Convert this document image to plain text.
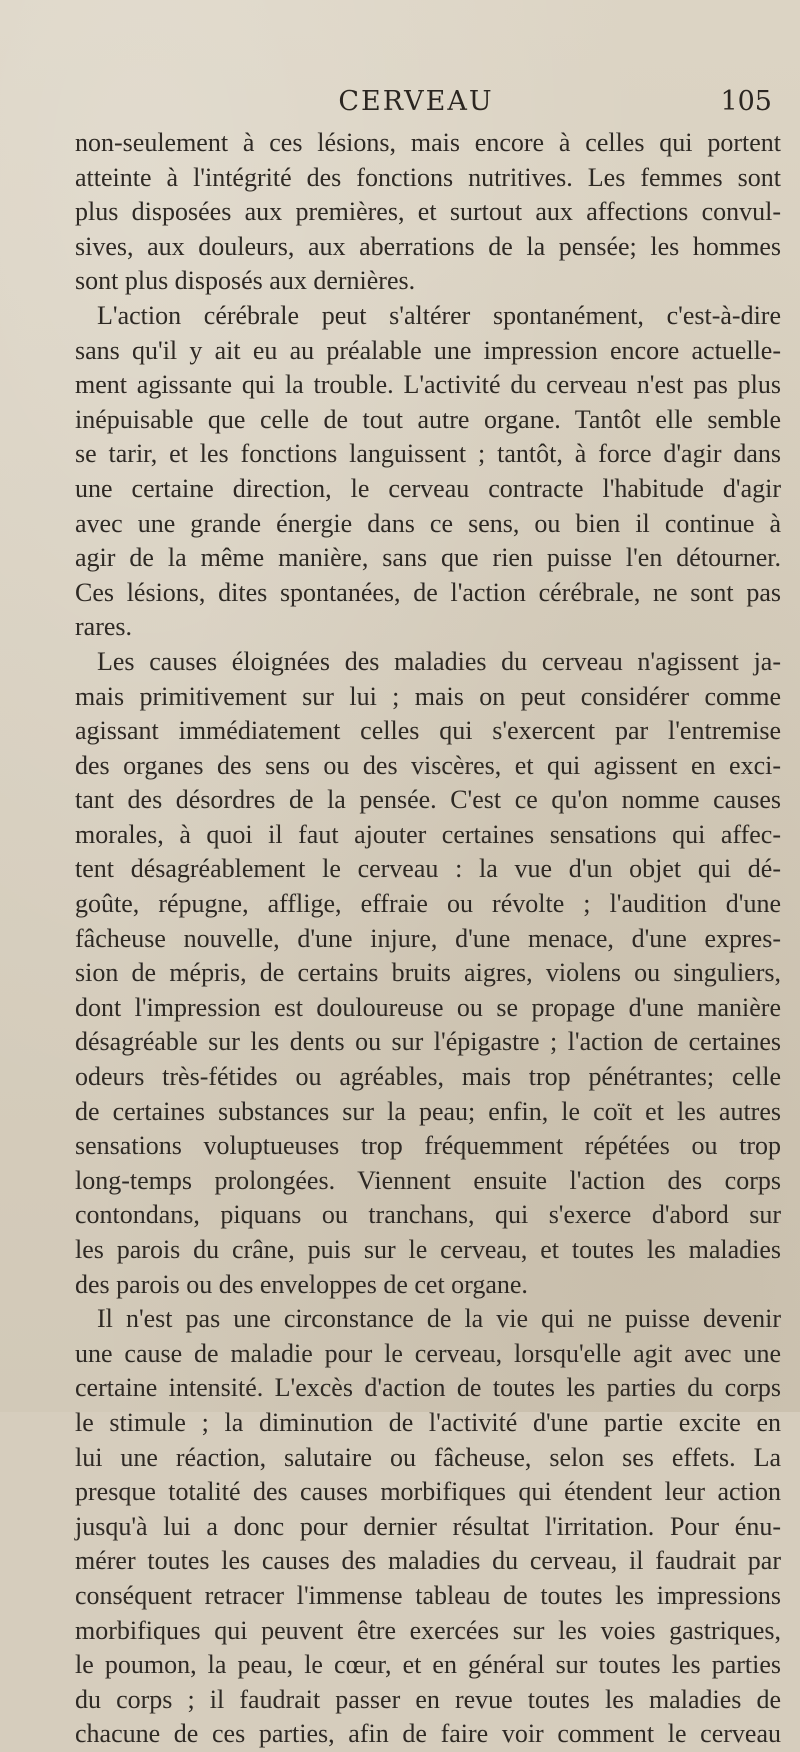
CERVEAU	105
non-seulement à ces lésions, mais encore à celles qui portent
atteinte à l'intégrité des fonctions nutritives. Les femmes sont
plus disposées aux premières, et surtout aux affections convul-
sives, aux douleurs, aux aberrations de la pensée; les hommes
sont plus disposés aux dernières.
L'action cérébrale peut s'altérer spontanément, c'est-à-dire
sans qu'il y ait eu au préalable une impression encore actuelle-
ment agissante qui la trouble. L'activité du cerveau n'est pas plus
inépuisable que celle de tout autre organe. Tantôt elle semble
se tarir, et les fonctions languissent ; tantôt, à force d'agir dans
une certaine direction, le cerveau contracte l'habitude d'agir
avec une grande énergie dans ce sens, ou bien il continue à
agir de la même manière, sans que rien puisse l'en détourner.
Ces lésions, dites spontanées, de l'action cérébrale, ne sont pas
rares.
Les causes éloignées des maladies du cerveau n'agissent ja-
mais primitivement sur lui ; mais on peut considérer comme
agissant immédiatement celles qui s'exercent par l'entremise
des organes des sens ou des viscères, et qui agissent en exci-
tant des désordres de la pensée. C'est ce qu'on nomme causes
morales, à quoi il faut ajouter certaines sensations qui affec-
tent désagréablement le cerveau : la vue d'un objet qui dé-
goûte, répugne, afflige, effraie ou révolte ; l'audition d'une
fâcheuse nouvelle, d'une injure, d'une menace, d'une expres-
sion de mépris, de certains bruits aigres, violens ou singuliers,
dont l'impression est douloureuse ou se propage d'une manière
désagréable sur les dents ou sur l'épigastre ; l'action de certaines
odeurs très-fétides ou agréables, mais trop pénétrantes; celle
de certaines substances sur la peau; enfin, le coït et les autres
sensations voluptueuses trop fréquemment répétées ou trop
long-temps prolongées. Viennent ensuite l'action des corps
contondans, piquans ou tranchans, qui s'exerce d'abord sur
les parois du crâne, puis sur le cerveau, et toutes les maladies
des parois ou des enveloppes de cet organe.
Il n'est pas une circonstance de la vie qui ne puisse devenir
une cause de maladie pour le cerveau, lorsqu'elle agit avec une
certaine intensité. L'excès d'action de toutes les parties du corps
le stimule ; la diminution de l'activité d'une partie excite en
lui une réaction, salutaire ou fâcheuse, selon ses effets. La
presque totalité des causes morbifiques qui étendent leur action
jusqu'à lui a donc pour dernier résultat l'irritation. Pour énu-
mérer toutes les causes des maladies du cerveau, il faudrait par
conséquent retracer l'immense tableau de toutes les impressions
morbifiques qui peuvent être exercées sur les voies gastriques,
le poumon, la peau, le cœur, et en général sur toutes les parties
du corps ; il faudrait passer en revue toutes les maladies de
chacune de ces parties, afin de faire voir comment le cerveau
